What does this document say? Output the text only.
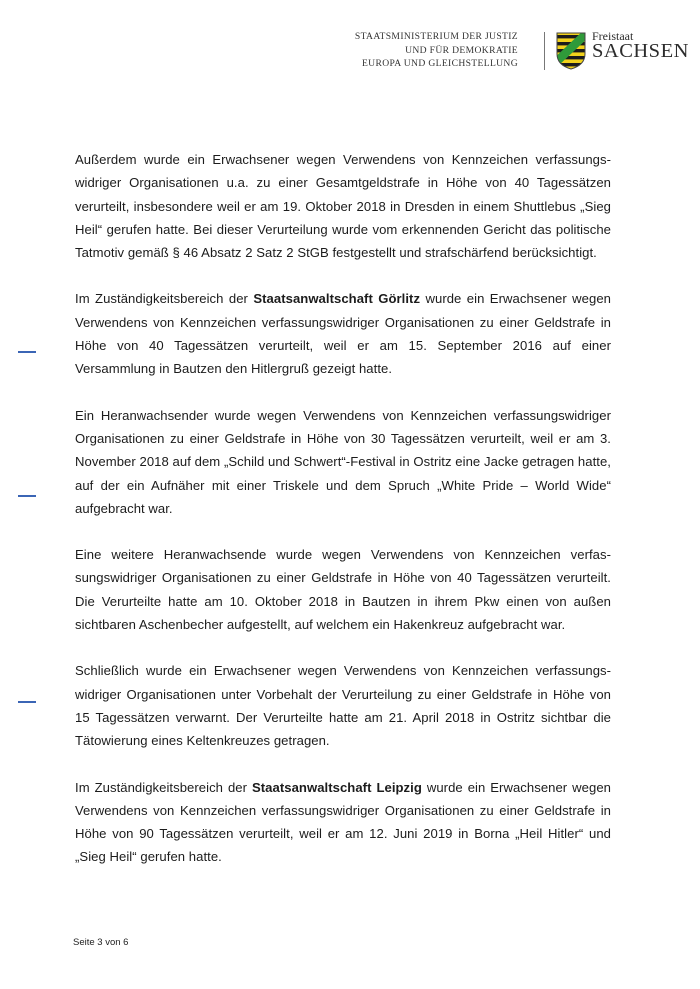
STAATSMINISTERIUM DER JUSTIZ
UND FÜR DEMOKRATIE
EUROPA UND GLEICHSTELLUNG
Freistaat
SACHSEN

Außerdem wurde ein Erwachsener wegen Verwendens von Kennzeichen verfassungswidriger Organisationen u.a. zu einer Gesamtgeldstrafe in Höhe von 40 Tagessätzen verurteilt, insbesondere weil er am 19. Oktober 2018 in Dresden in einem Shuttlebus „Sieg Heil“ gerufen hatte. Bei dieser Verurteilung wurde vom erkennenden Gericht das politische Tatmotiv gemäß § 46 Absatz 2 Satz 2 StGB festgestellt und strafschärfend berücksichtigt.

Im Zuständigkeitsbereich der Staatsanwaltschaft Görlitz wurde ein Erwachsener wegen Verwendens von Kennzeichen verfassungswidriger Organisationen zu einer Geldstrafe in Höhe von 40 Tagessätzen verurteilt, weil er am 15. September 2016 auf einer Versammlung in Bautzen den Hitlergruß gezeigt hatte.

Ein Heranwachsender wurde wegen Verwendens von Kennzeichen verfassungswidriger Organisationen zu einer Geldstrafe in Höhe von 30 Tagessätzen verurteilt, weil er am 3. November 2018 auf dem „Schild und Schwert“-Festival in Ostritz eine Jacke getragen hatte, auf der ein Aufnäher mit einer Triskele und dem Spruch „White Pride – World Wide“ aufgebracht war.

Eine weitere Heranwachsende wurde wegen Verwendens von Kennzeichen verfassungswidriger Organisationen zu einer Geldstrafe in Höhe von 40 Tagessätzen verurteilt. Die Verurteilte hatte am 10. Oktober 2018 in Bautzen in ihrem Pkw einen von außen sichtbaren Aschenbecher aufgestellt, auf welchem ein Hakenkreuz aufgebracht war.

Schließlich wurde ein Erwachsener wegen Verwendens von Kennzeichen verfassungswidriger Organisationen unter Vorbehalt der Verurteilung zu einer Geldstrafe in Höhe von 15 Tagessätzen verwarnt. Der Verurteilte hatte am 21. April 2018 in Ostritz sichtbar die Tätowierung eines Keltenkreuzes getragen.

Im Zuständigkeitsbereich der Staatsanwaltschaft Leipzig wurde ein Erwachsener wegen Verwendens von Kennzeichen verfassungswidriger Organisationen zu einer Geldstrafe in Höhe von 90 Tagessätzen verurteilt, weil er am 12. Juni 2019 in Borna „Heil Hitler“ und „Sieg Heil“ gerufen hatte.

Seite 3 von 6
